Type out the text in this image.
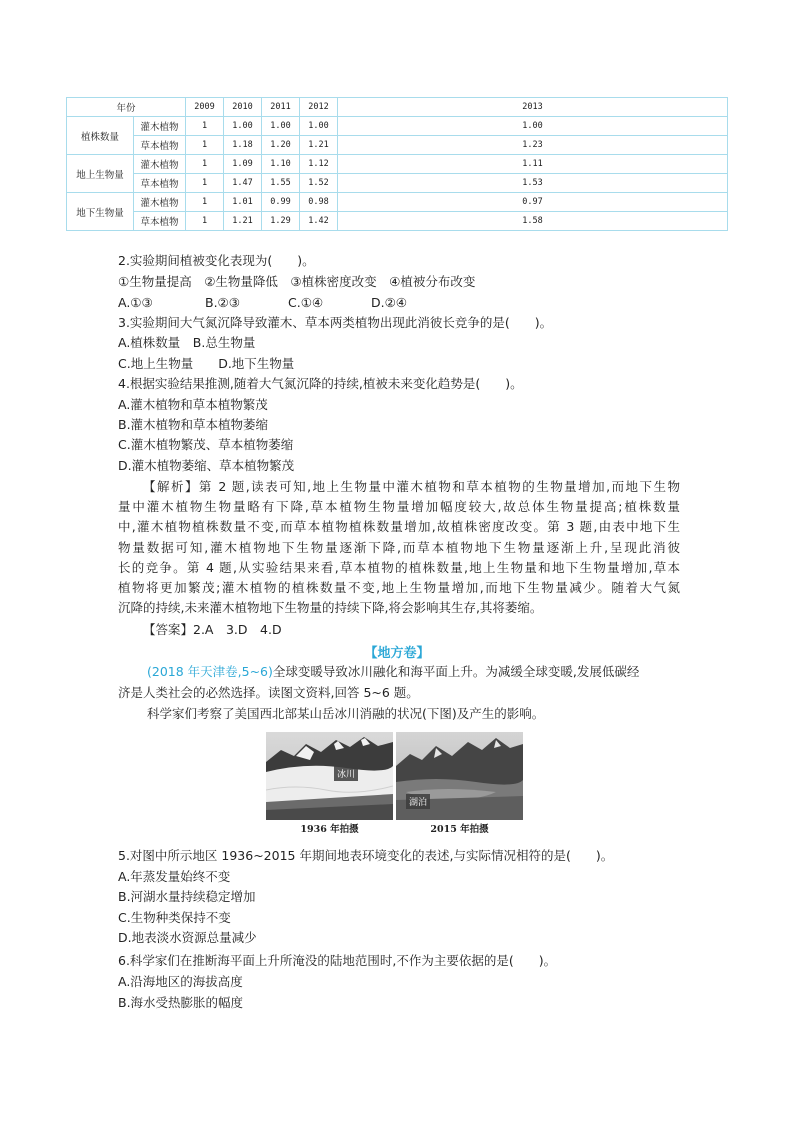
年份		2009	2010	2011	2012	2013
植株数量	灌木植物	1	1.00	1.00	1.00	1.00
	草本植物	1	1.18	1.20	1.21	1.23
地上生物量	灌木植物	1	1.09	1.10	1.12	1.11
	草本植物	1	1.47	1.55	1.52	1.53
地下生物量	灌木植物	1	1.01	0.99	0.98	0.97
	草本植物	1	1.21	1.29	1.42	1.58
2.实验期间植被变化表现为(　　)。
①生物量提高　②生物量降低　③植株密度改变　④植被分布改变
A.①③	B.②③	C.①④	D.②④
3.实验期间大气氮沉降导致灌木、草本两类植物出现此消彼长竞争的是(　　)。
A.植株数量　B.总生物量
C.地上生物量　　D.地下生物量
4.根据实验结果推测,随着大气氮沉降的持续,植被未来变化趋势是(　　)。
A.灌木植物和草本植物繁茂
B.灌木植物和草本植物萎缩
C.灌木植物繁茂、草本植物萎缩
D.灌木植物萎缩、草本植物繁茂
【解析】第 2 题,读表可知,地上生物量中灌木植物和草本植物的生物量增加,而地下生物
量中灌木植物生物量略有下降,草本植物生物量增加幅度较大,故总体生物量提高;植株数量
中,灌木植物植株数量不变,而草本植物植株数量增加,故植株密度改变。第 3 题,由表中地下生
物量数据可知,灌木植物地下生物量逐渐下降,而草本植物地下生物量逐渐上升,呈现此消彼
长的竞争。第 4 题,从实验结果来看,草本植物的植株数量,地上生物量和地下生物量增加,草本
植物将更加繁茂;灌木植物的植株数量不变,地上生物量增加,而地下生物量减少。随着大气氮
沉降的持续,未来灌木植物地下生物量的持续下降,将会影响其生存,其将萎缩。
【答案】2.A　3.D　4.D
(2018 年天津卷,5~6)全球变暖导致冰川融化和海平面上升。为减缓全球变暖,发展低碳经
济是人类社会的必然选择。读图文资料,回答 5~6 题。
科学家们考察了美国西北部某山岳冰川消融的状况(下图)及产生的影响。
5.对图中所示地区 1936~2015 年期间地表环境变化的表述,与实际情况相符的是(　　)。
A.年蒸发量始终不变
B.河湖水量持续稳定增加
C.生物种类保持不变
D.地表淡水资源总量减少
6.科学家们在推断海平面上升所淹没的陆地范围时,不作为主要依据的是(　　)。
A.沿海地区的海拔高度
B.海水受热膨胀的幅度
【地方卷】
冰川
湖泊
1936 年拍摄	2015 年拍摄
